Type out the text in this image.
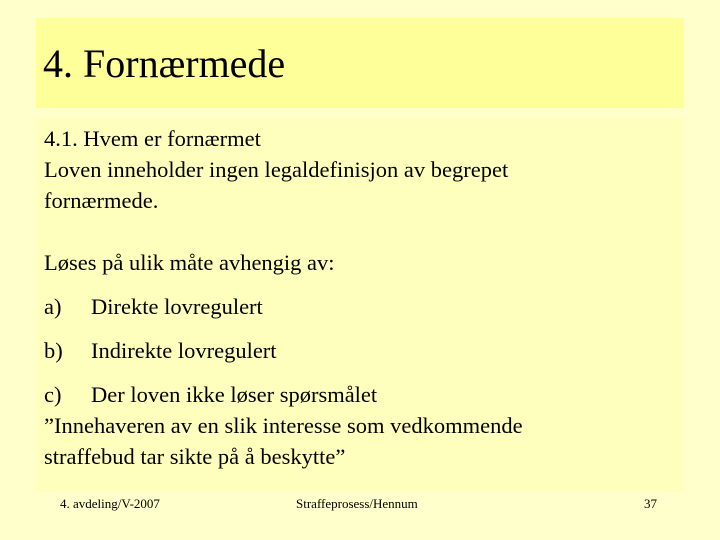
4. Fornærmede
4.1. Hvem er fornærmet
Loven inneholder ingen legaldefinisjon av begrepet
fornærmede.
Løses på ulik måte avhengig av:
a) Direkte lovregulert
b) Indirekte lovregulert
c) Der loven ikke løser spørsmålet
”Innehaveren av en slik interesse som vedkommende
straffebud tar sikte på å beskytte”
4. avdeling/V-2007	Straffeprosess/Hennum	37
